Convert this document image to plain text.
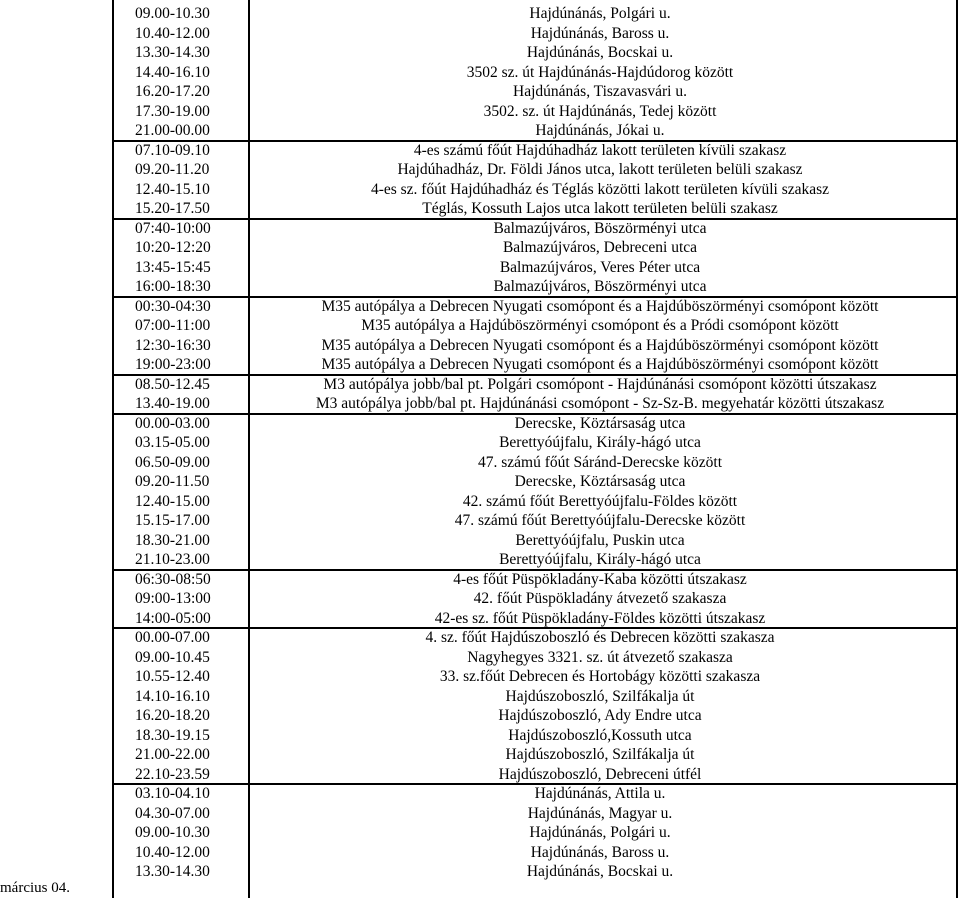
09.00-10.30	Hajdúnánás, Polgári u.
10.40-12.00	Hajdúnánás, Baross u.
13.30-14.30	Hajdúnánás, Bocskai u.
14.40-16.10	3502 sz. út Hajdúnánás-Hajdúdorog között
16.20-17.20	Hajdúnánás, Tiszavasvári u.
17.30-19.00	3502. sz. út Hajdúnánás, Tedej között
21.00-00.00	Hajdúnánás, Jókai u.
07.10-09.10	4-es számú főút Hajdúhadház lakott területen kívüli szakasz
09.20-11.20	Hajdúhadház, Dr. Földi János utca, lakott területen belüli szakasz
12.40-15.10	4-es sz. főút Hajdúhadház és Téglás közötti lakott területen kívüli szakasz
15.20-17.50	Téglás, Kossuth Lajos utca lakott területen belüli szakasz
07:40-10:00	Balmazújváros, Böszörményi utca
10:20-12:20	Balmazújváros, Debreceni utca
13:45-15:45	Balmazújváros, Veres Péter utca
16:00-18:30	Balmazújváros, Böszörményi utca
00:30-04:30	M35 autópálya a Debrecen Nyugati csomópont és a Hajdúböszörményi csomópont között
07:00-11:00	M35 autópálya a Hajdúböszörményi csomópont és a Pródi csomópont között
12:30-16:30	M35 autópálya a Debrecen Nyugati csomópont és a Hajdúböszörményi csomópont között
19:00-23:00	M35 autópálya a Debrecen Nyugati csomópont és a Hajdúböszörményi csomópont között
08.50-12.45	M3 autópálya jobb/bal pt. Polgári csomópont - Hajdúnánási csomópont közötti útszakasz
13.40-19.00	M3 autópálya jobb/bal pt. Hajdúnánási csomópont - Sz-Sz-B. megyehatár közötti útszakasz
00.00-03.00	Derecske, Köztársaság utca
03.15-05.00	Berettyóújfalu, Király-hágó utca
06.50-09.00	47. számú főút Sáránd-Derecske között
09.20-11.50	Derecske, Köztársaság utca
12.40-15.00	42. számú főút Berettyóújfalu-Földes között
15.15-17.00	47. számú főút Berettyóújfalu-Derecske között
18.30-21.00	Berettyóújfalu, Puskin utca
21.10-23.00	Berettyóújfalu, Király-hágó utca
06:30-08:50	4-es főút Püspökladány-Kaba közötti útszakasz
09:00-13:00	42. főút Püspökladány átvezető szakasza
14:00-05:00	42-es sz. főút Püspökladány-Földes közötti útszakasz
00.00-07.00	4. sz. főút Hajdúszoboszló és Debrecen közötti szakasza
09.00-10.45	Nagyhegyes 3321. sz. út átvezető szakasza
10.55-12.40	33. sz.főút Debrecen és Hortobágy közötti szakasza
14.10-16.10	Hajdúszoboszló, Szilfákalja út
16.20-18.20	Hajdúszoboszló, Ady Endre utca
18.30-19.15	Hajdúszoboszló,Kossuth utca
21.00-22.00	Hajdúszoboszló, Szilfákalja út
22.10-23.59	Hajdúszoboszló, Debreceni útfél
03.10-04.10	Hajdúnánás, Attila u.
04.30-07.00	Hajdúnánás, Magyar u.
09.00-10.30	Hajdúnánás, Polgári u.
10.40-12.00	Hajdúnánás, Baross u.
13.30-14.30	Hajdúnánás, Bocskai u.
március 04.
